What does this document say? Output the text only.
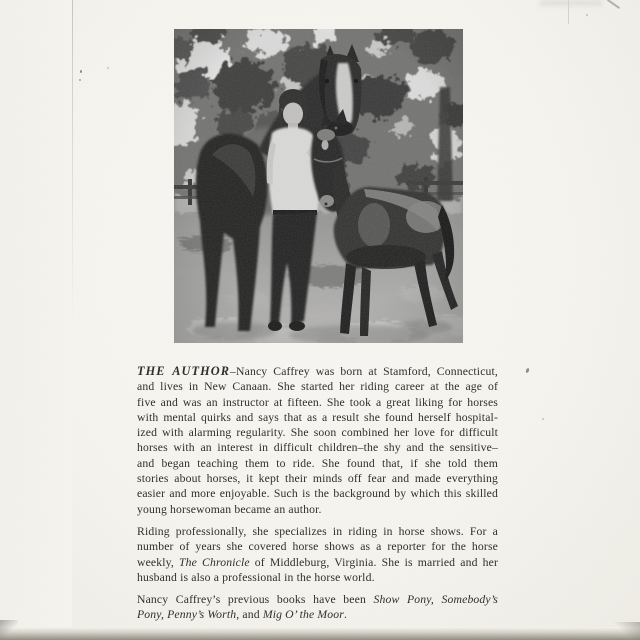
THE AUTHOR–Nancy Caffrey was born at Stamford, Connecticut,
and lives in New Canaan. She started her riding career at the age of
five and was an instructor at fifteen. She took a great liking for horses
with mental quirks and says that as a result she found herself hospital-
ized with alarming regularity. She soon combined her love for difficult
horses with an interest in difficult children–the shy and the sensitive–
and began teaching them to ride. She found that, if she told them
stories about horses, it kept their minds off fear and made everything
easier and more enjoyable. Such is the background by which this skilled
young horsewoman became an author.
Riding professionally, she specializes in riding in horse shows. For a
number of years she covered horse shows as a reporter for the horse
weekly, The Chronicle of Middleburg, Virginia. She is married and her
husband is also a professional in the horse world.
Nancy Caffrey’s previous books have been Show Pony, Somebody’s
Pony, Penny’s Worth, and Mig O’ the Moor.
